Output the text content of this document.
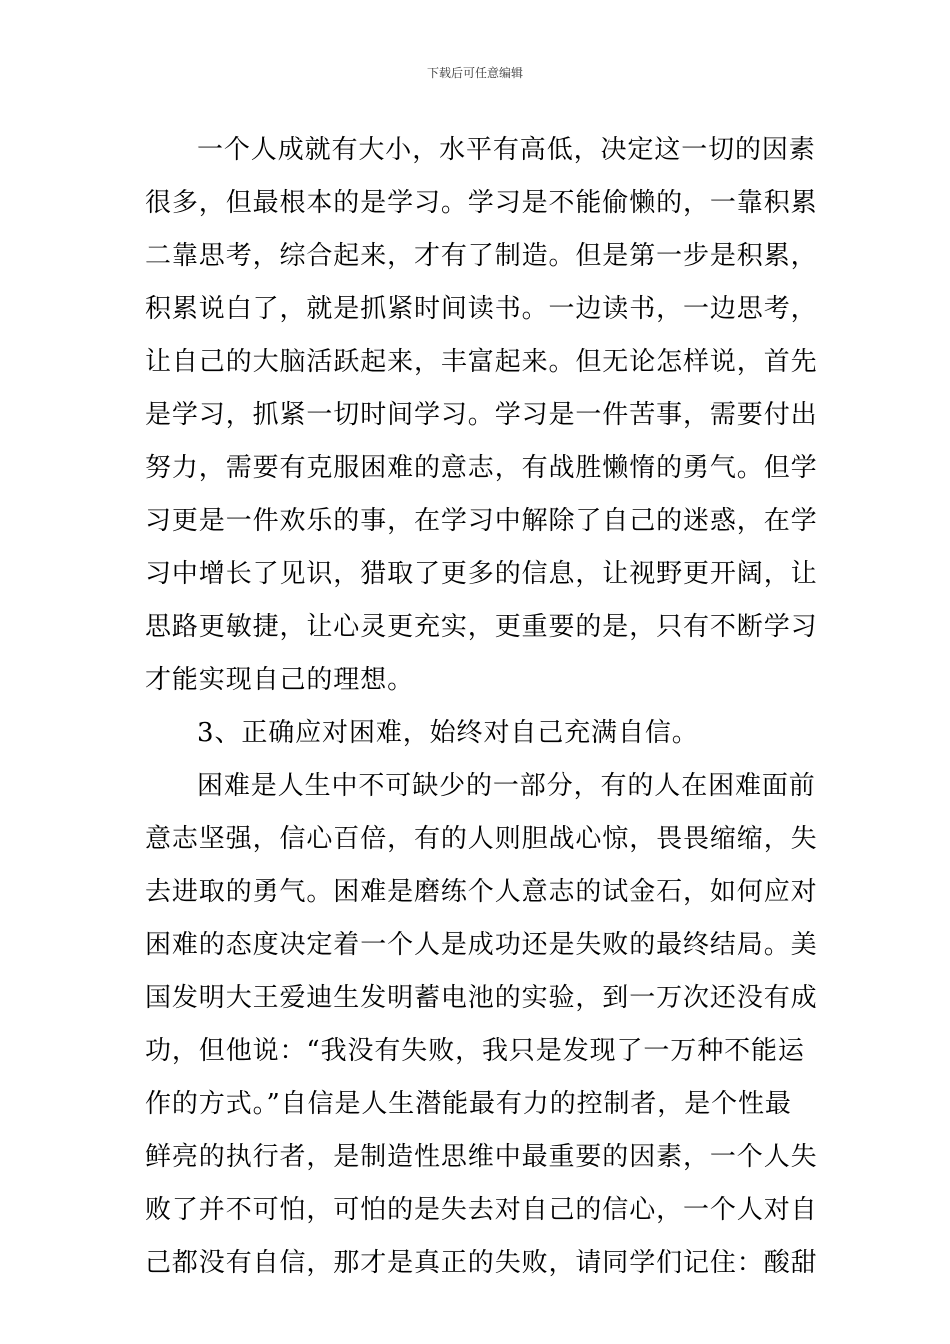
下载后可任意编辑
一个人成就有大小，水平有高低，决定这一切的因素
很多，但最根本的是学习。学习是不能偷懒的，一靠积累
二靠思考，综合起来，才有了制造。但是第一步是积累，
积累说白了，就是抓紧时间读书。一边读书，一边思考，
让自己的大脑活跃起来，丰富起来。但无论怎样说，首先
是学习，抓紧一切时间学习。学习是一件苦事，需要付出
努力，需要有克服困难的意志，有战胜懒惰的勇气。但学
习更是一件欢乐的事，在学习中解除了自己的迷惑，在学
习中增长了见识，猎取了更多的信息，让视野更开阔，让
思路更敏捷，让心灵更充实，更重要的是，只有不断学习
才能实现自己的理想。
3、正确应对困难，始终对自己充满自信。
困难是人生中不可缺少的一部分，有的人在困难面前
意志坚强，信心百倍，有的人则胆战心惊，畏畏缩缩，失
去进取的勇气。困难是磨练个人意志的试金石，如何应对
困难的态度决定着一个人是成功还是失败的最终结局。美
国发明大王爱迪生发明蓄电池的实验，到一万次还没有成
功，但他说：“我没有失败，我只是发现了一万种不能运
作的方式。”自信是人生潜能最有力的控制者，是个性最
鲜亮的执行者，是制造性思维中最重要的因素，一个人失
败了并不可怕，可怕的是失去对自己的信心，一个人对自
己都没有自信，那才是真正的失败，请同学们记住：酸甜
